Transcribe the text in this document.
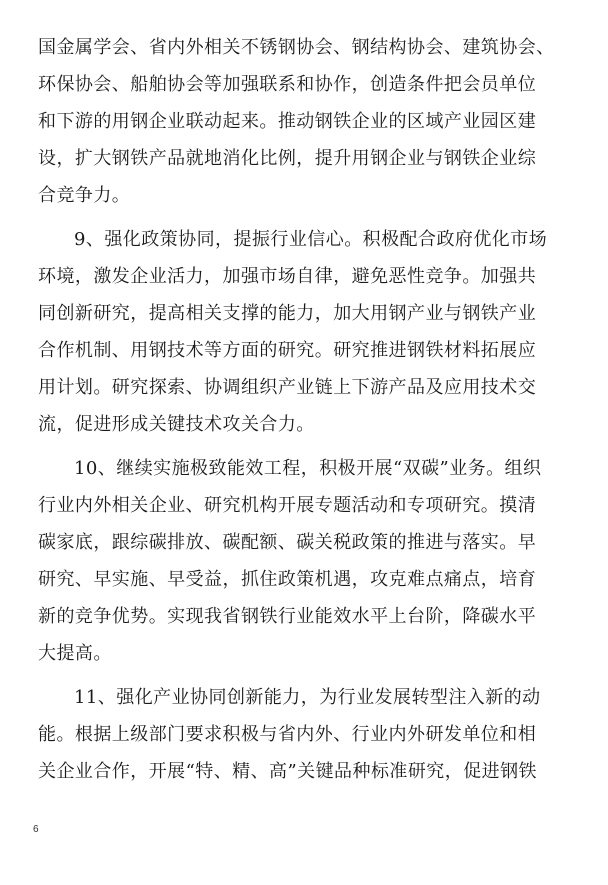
国金属学会、省内外相关不锈钢协会、钢结构协会、建筑协会、
环保协会、船舶协会等加强联系和协作，创造条件把会员单位
和下游的用钢企业联动起来。推动钢铁企业的区域产业园区建
设，扩大钢铁产品就地消化比例，提升用钢企业与钢铁企业综
合竞争力。
9、强化政策协同，提振行业信心。积极配合政府优化市场
环境，激发企业活力，加强市场自律，避免恶性竞争。加强共
同创新研究，提高相关支撑的能力，加大用钢产业与钢铁产业
合作机制、用钢技术等方面的研究。研究推进钢铁材料拓展应
用计划。研究探索、协调组织产业链上下游产品及应用技术交
流，促进形成关键技术攻关合力。
10、继续实施极致能效工程，积极开展“双碳”业务。组织
行业内外相关企业、研究机构开展专题活动和专项研究。摸清
碳家底，跟综碳排放、碳配额、碳关税政策的推进与落实。早
研究、早实施、早受益，抓住政策机遇，攻克难点痛点，培育
新的竞争优势。实现我省钢铁行业能效水平上台阶，降碳水平
大提高。
11、强化产业协同创新能力，为行业发展转型注入新的动
能。根据上级部门要求积极与省内外、行业内外研发单位和相
关企业合作，开展“特、精、高”关键品种标准研究，促进钢铁
6
